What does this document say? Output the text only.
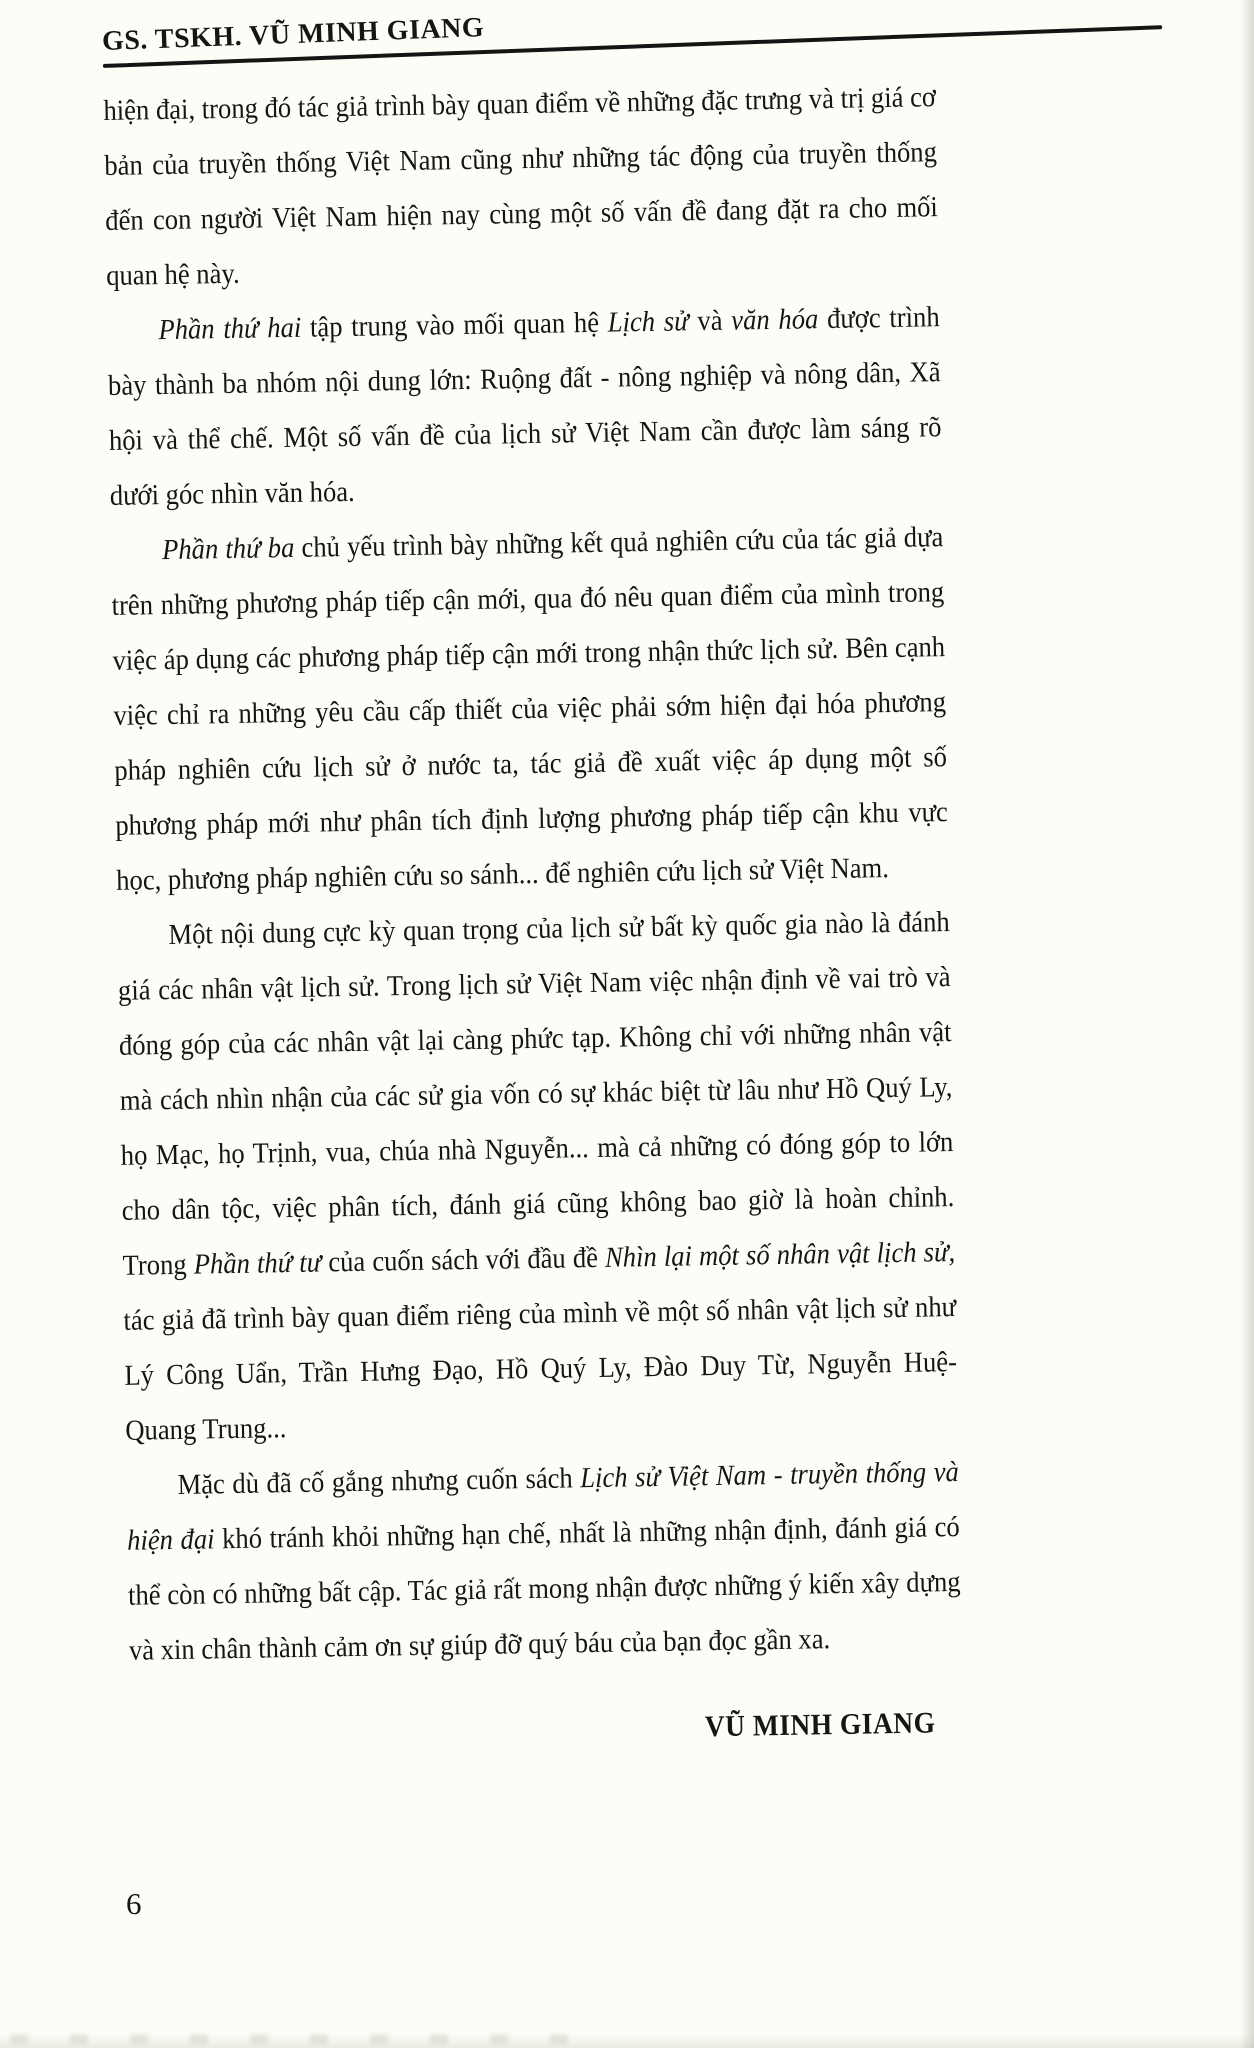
GS. TSKH. VŨ MINH GIANG

hiện đại, trong đó tác giả trình bày quan điểm về những đặc trưng và trị giá cơ bản của truyền thống Việt Nam cũng như những tác động của truyền thống đến con người Việt Nam hiện nay cùng một số vấn đề đang đặt ra cho mối quan hệ này.

Phần thứ hai tập trung vào mối quan hệ Lịch sử và văn hóa được trình bày thành ba nhóm nội dung lớn: Ruộng đất - nông nghiệp và nông dân, Xã hội và thể chế. Một số vấn đề của lịch sử Việt Nam cần được làm sáng rõ dưới góc nhìn văn hóa.

Phần thứ ba chủ yếu trình bày những kết quả nghiên cứu của tác giả dựa trên những phương pháp tiếp cận mới, qua đó nêu quan điểm của mình trong việc áp dụng các phương pháp tiếp cận mới trong nhận thức lịch sử. Bên cạnh việc chỉ ra những yêu cầu cấp thiết của việc phải sớm hiện đại hóa phương pháp nghiên cứu lịch sử ở nước ta, tác giả đề xuất việc áp dụng một số phương pháp mới như phân tích định lượng phương pháp tiếp cận khu vực học, phương pháp nghiên cứu so sánh... để nghiên cứu lịch sử Việt Nam.

Một nội dung cực kỳ quan trọng của lịch sử bất kỳ quốc gia nào là đánh giá các nhân vật lịch sử. Trong lịch sử Việt Nam việc nhận định về vai trò và đóng góp của các nhân vật lại càng phức tạp. Không chỉ với những nhân vật mà cách nhìn nhận của các sử gia vốn có sự khác biệt từ lâu như Hồ Quý Ly, họ Mạc, họ Trịnh, vua, chúa nhà Nguyễn... mà cả những có đóng góp to lớn cho dân tộc, việc phân tích, đánh giá cũng không bao giờ là hoàn chỉnh. Trong Phần thứ tư của cuốn sách với đầu đề Nhìn lại một số nhân vật lịch sử, tác giả đã trình bày quan điểm riêng của mình về một số nhân vật lịch sử như Lý Công Uẩn, Trần Hưng Đạo, Hồ Quý Ly, Đào Duy Từ, Nguyễn Huệ- Quang Trung...

Mặc dù đã cố gắng nhưng cuốn sách Lịch sử Việt Nam - truyền thống và hiện đại khó tránh khỏi những hạn chế, nhất là những nhận định, đánh giá có thể còn có những bất cập. Tác giả rất mong nhận được những ý kiến xây dựng và xin chân thành cảm ơn sự giúp đỡ quý báu của bạn đọc gần xa.

VŨ MINH GIANG
6
